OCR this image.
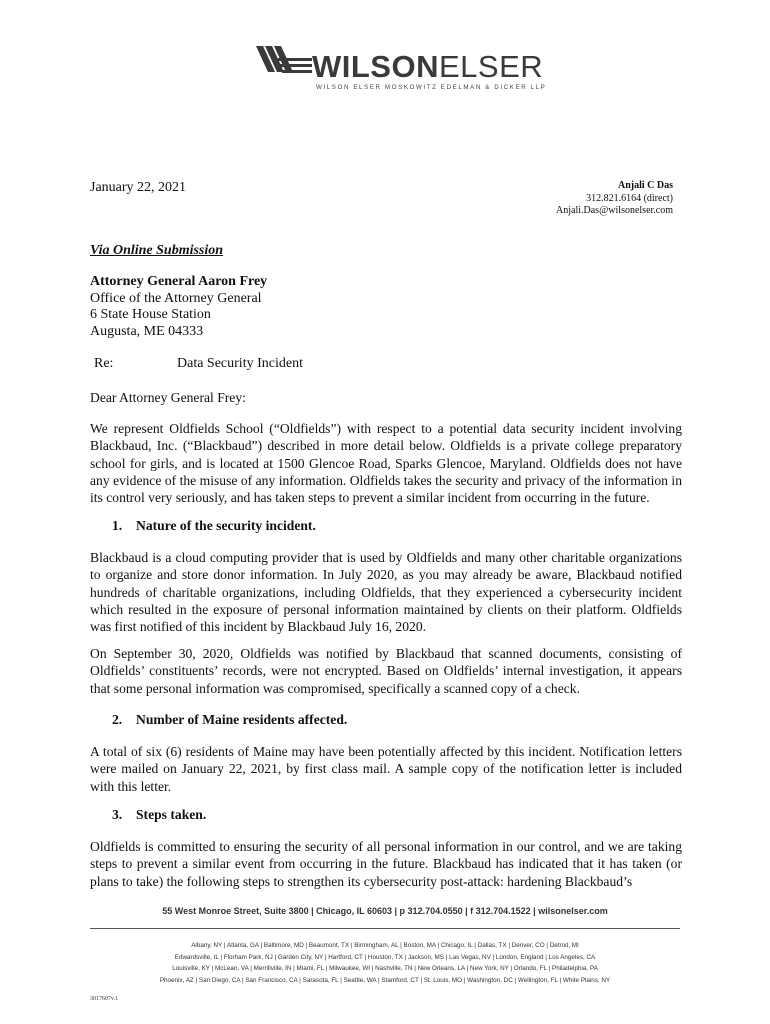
WILSONELSER
WILSON ELSER MOSKOWITZ EDELMAN & DICKER LLP
January 22, 2021	Anjali C Das
312.821.6164 (direct)
Anjali.Das@wilsonelser.com
Via Online Submission
Attorney General Aaron Frey
Office of the Attorney General
6 State House Station
Augusta, ME 04333
Re:	Data Security Incident
Dear Attorney General Frey:
We represent Oldfields School (“Oldfields”) with respect to a potential data security incident involving Blackbaud, Inc. (“Blackbaud”) described in more detail below. Oldfields is a private college preparatory school for girls, and is located at 1500 Glencoe Road, Sparks Glencoe, Maryland. Oldfields does not have any evidence of the misuse of any information. Oldfields takes the security and privacy of the information in its control very seriously, and has taken steps to prevent a similar incident from occurring in the future.
1. Nature of the security incident.
Blackbaud is a cloud computing provider that is used by Oldfields and many other charitable organizations to organize and store donor information. In July 2020, as you may already be aware, Blackbaud notified hundreds of charitable organizations, including Oldfields, that they experienced a cybersecurity incident which resulted in the exposure of personal information maintained by clients on their platform. Oldfields was first notified of this incident by Blackbaud July 16, 2020.
On September 30, 2020, Oldfields was notified by Blackbaud that scanned documents, consisting of Oldfields’ constituents’ records, were not encrypted. Based on Oldfields’ internal investigation, it appears that some personal information was compromised, specifically a scanned copy of a check.
2. Number of Maine residents affected.
A total of six (6) residents of Maine may have been potentially affected by this incident. Notification letters were mailed on January 22, 2021, by first class mail. A sample copy of the notification letter is included with this letter.
3. Steps taken.
Oldfields is committed to ensuring the security of all personal information in our control, and we are taking steps to prevent a similar event from occurring in the future. Blackbaud has indicated that it has taken (or plans to take) the following steps to strengthen its cybersecurity post-attack: hardening Blackbaud’s
55 West Monroe Street, Suite 3800 | Chicago, IL 60603 | p 312.704.0550 | f 312.704.1522 | wilsonelser.com
Albany, NY | Atlanta, GA | Baltimore, MD | Beaumont, TX | Birmingham, AL | Boston, MA | Chicago, IL | Dallas, TX | Denver, CO | Detroit, MI
Edwardsville, IL | Florham Park, NJ | Garden City, NY | Hartford, CT | Houston, TX | Jackson, MS | Las Vegas, NV | London, England | Los Angeles, CA
Louisville, KY | McLean, VA | Merrillville, IN | Miami, FL | Milwaukee, WI | Nashville, TN | New Orleans, LA | New York, NY | Orlando, FL | Philadelphia, PA
Phoenix, AZ | San Diego, CA | San Francisco, CA | Sarasota, FL | Seattle, WA | Stamford, CT | St. Louis, MO | Washington, DC | Wellington, FL | White Plains, NY
3017607v.1
